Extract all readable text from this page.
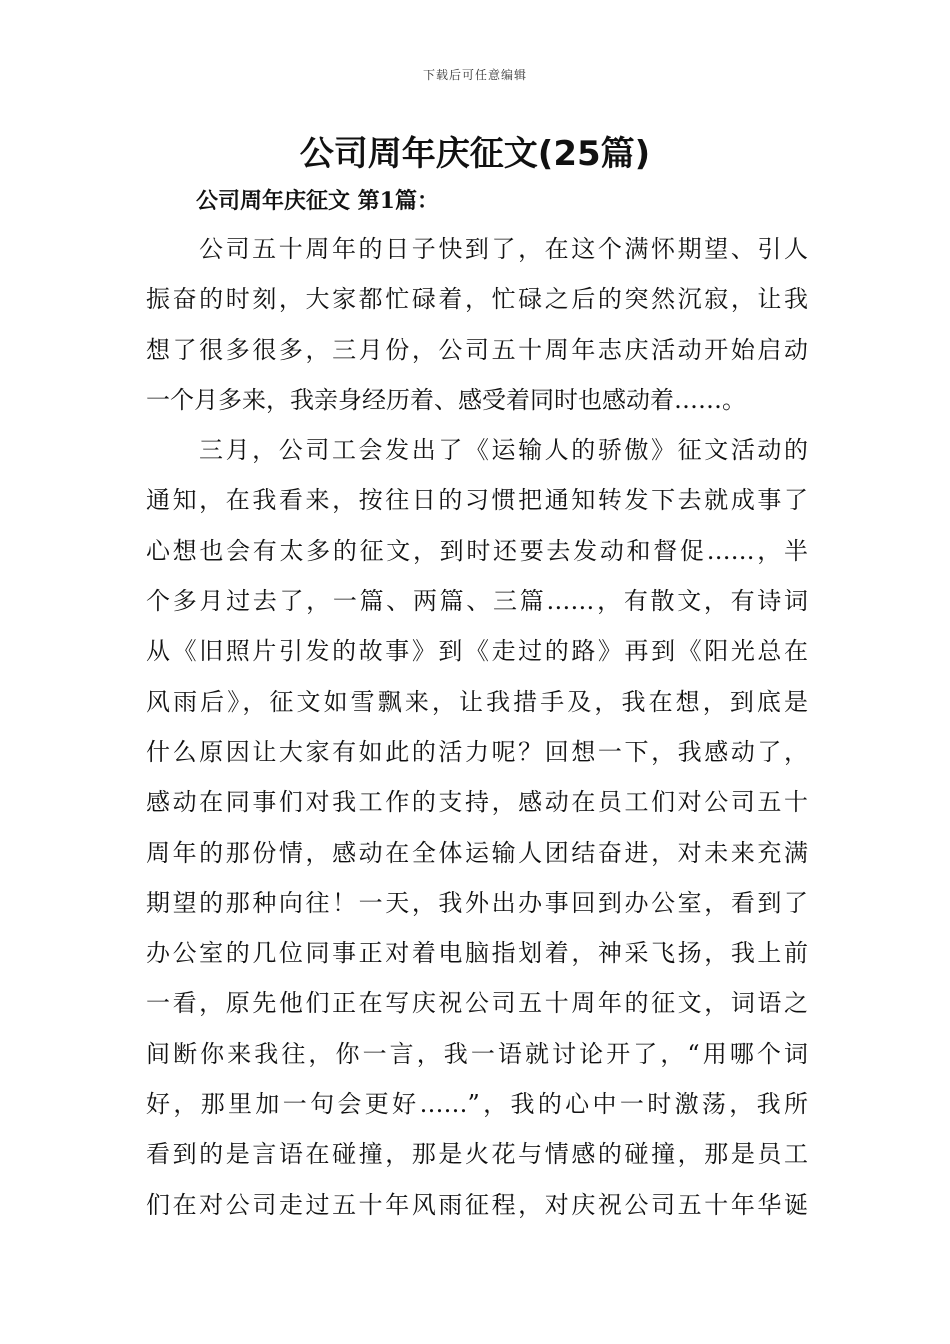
下载后可任意编辑
公司周年庆征文(25篇)
公司周年庆征文 第1篇：
公司五十周年的日子快到了，在这个满怀期望、引人
振奋的时刻，大家都忙碌着，忙碌之后的突然沉寂，让我
想了很多很多，三月份，公司五十周年志庆活动开始启动
一个月多来，我亲身经历着、感受着同时也感动着……。
三月，公司工会发出了《运输人的骄傲》征文活动的
通知，在我看来，按往日的习惯把通知转发下去就成事了
心想也会有太多的征文，到时还要去发动和督促……，半
个多月过去了，一篇、两篇、三篇……，有散文，有诗词
从《旧照片引发的故事》到《走过的路》再到《阳光总在
风雨后》，征文如雪飘来，让我措手及，我在想，到底是
什么原因让大家有如此的活力呢？回想一下，我感动了，
感动在同事们对我工作的支持，感动在员工们对公司五十
周年的那份情，感动在全体运输人团结奋进，对未来充满
期望的那种向往！一天，我外出办事回到办公室，看到了
办公室的几位同事正对着电脑指划着，神采飞扬，我上前
一看，原先他们正在写庆祝公司五十周年的征文，词语之
间断你来我往，你一言，我一语就讨论开了，“用哪个词
好，那里加一句会更好……”，我的心中一时激荡，我所
看到的是言语在碰撞，那是火花与情感的碰撞，那是员工
们在对公司走过五十年风雨征程，对庆祝公司五十年华诞
